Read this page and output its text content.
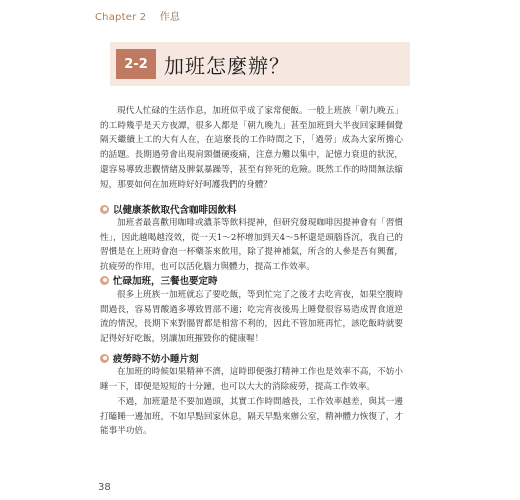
Chapter 2 作息
2-2 加班怎麼辦？

現代人忙碌的生活作息，加班似乎成了家常便飯。一般上班族「朝九晚五」的工時幾乎是天方夜譚，很多人都是「朝九晚九」甚至加班到大半夜回家睡個覺隔天繼續上工的大有人在，在這麼長的工作時間之下，「過勞」成為大家所擔心的話題。長期過勞會出現肩頸僵硬痠痛，注意力難以集中，記憶力衰退的狀況，還容易導致悲觀情緒及脾氣暴躁等，甚至有猝死的危險。既然工作的時間無法縮短，那要如何在加班時好好呵護我們的身體？

以健康茶飲取代含咖啡因飲料

加班者最喜歡用咖啡或濃茶等飲料提神，但研究發現咖啡因提神會有「習慣性」，因此越喝越沒效，從一天1～2杯增加到天4～5杯還是頭腦昏沉，我自己的習慣是在上班時會泡一杯藥茶來飲用，除了提神補氣，所含的人參是吾有興奮，抗疲勞的作用，也可以活化腦力與體力，提高工作效率。

忙碌加班，三餐也要定時

很多上班族一加班就忘了要吃飯，等到忙完了之後才去吃宵夜，如果空腹時間過長，容易胃酸過多導致胃部不適；吃完宵夜後馬上睡覺很容易造成胃食道逆流的情況，長期下來對腸胃都是相當不利的，因此不管加班再忙，該吃飯時就要記得好好吃飯，別讓加班摧毀你的健康喔！

疲勞時不妨小睡片刻

在加班的時候如果精神不濟，這時即便強打精神工作也是效率不高，不妨小睡一下，即便是短短的十分鐘，也可以大大的消除疲勞，提高工作效率。

不過，加班還是不要加過頭，其實工作時間越長，工作效率越差，與其一邊打瞌睡一邊加班，不如早點回家休息，隔天早點來辦公室，精神體力恢復了，才能事半功倍。

38
